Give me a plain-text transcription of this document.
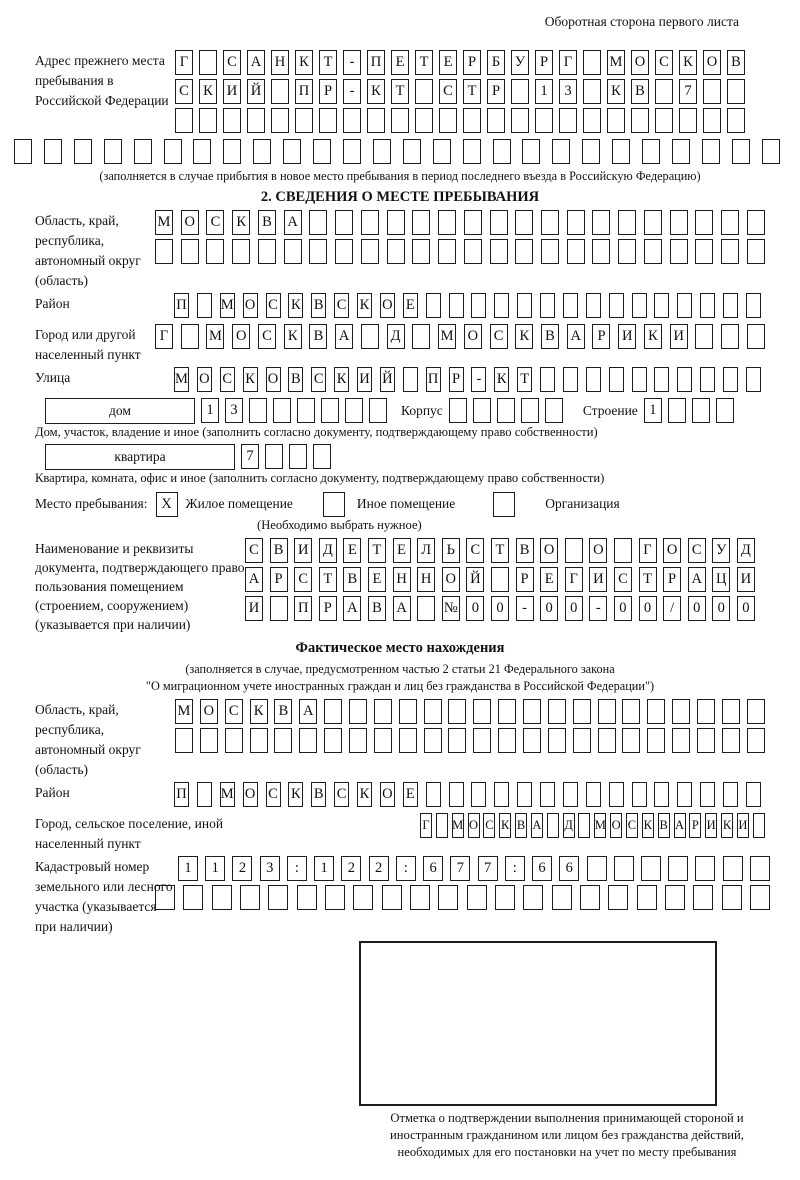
Оборотная сторона первого листа
Адрес прежнего места пребывания в Российской Федерации
Г	С А Н К	Т	-	П Е	Т	Е	Р	Б	У	Р	Г	М О С К О В
С К И Й	П	Р	-	К	Т	С	Т	Р	1	3	К В	7
(заполняется в случае прибытия в новое место пребывания в период последнего въезда в Российскую Федерацию)
2. СВЕДЕНИЯ О МЕСТЕ ПРЕБЫВАНИЯ
Область, край, республика, автономный округ (область)
М О С К В А
Район	П М О С К В С К О Е
Город или другой населенный пункт
Г	М О С К В А	Д	М О С К В А	Р	И К И
Улица	М О С К О В С К И Й П Р	-	К Т
дом	1	3	Корпус	Строение 1
Дом, участок, владение и иное (заполнить согласно документу, подтверждающему право собственности)
квартира	7
Квартира, комната, офис и иное (заполнить согласно документу, подтверждающему право собственности)
Место пребывания: X	Жилое помещение	Иное помещение	Организация
(Необходимо выбрать нужное)
Наименование и реквизиты документа, подтверждающего право пользования помещением (строением, сооружением) (указывается при наличии)
С В И Д	Е	Т	Е	Л	Ь	С	Т	В О	О	Г	О С У Д
А	Р	С	Т	В	Е	Н Н О Й	Р	Е	Г	И С	Т	Р	А Ц И
И	П	Р	А В А	№ 0	0	-	0	0	-	0	0	/	0	0	0
Фактическое место нахождения
(заполняется в случае, предусмотренном частью 2 статьи 21 Федерального закона
"О миграционном учете иностранных граждан и лиц без гражданства в Российской Федерации")
Область, край, республика, автономный округ (область)
М О С К В А
Район	П М О С К В С К О Е
Город, сельское поселение, иной населенный пункт
Г М О С К В А Д М О С К В А Р И К И
Кадастровый номер земельного или лесного участка (указывается при наличии)
1	1	2	3	:	1	2	2	:	6	7	7	:	6	6
Отметка о подтверждении выполнения принимающей стороной и иностранным гражданином или лицом без гражданства действий, необходимых для его постановки на учет по месту пребывания
